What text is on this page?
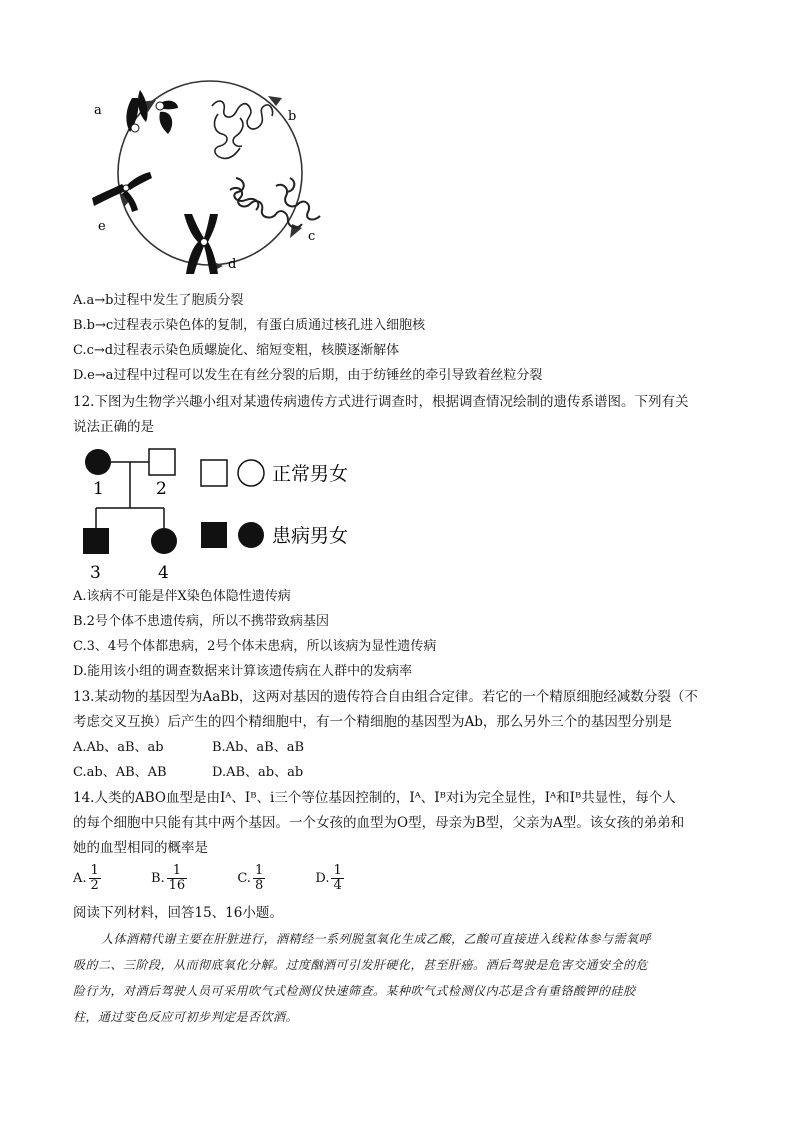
a	b
c
d
e
A.a→b过程中发生了胞质分裂
B.b→c过程表示染色体的复制，有蛋白质通过核孔进入细胞核
C.c→d过程表示染色质螺旋化、缩短变粗，核膜逐渐解体
D.e→a过程中过程可以发生在有丝分裂的后期，由于纺锤丝的牵引导致着丝粒分裂
12.下图为生物学兴趣小组对某遗传病遗传方式进行调查时，根据调查情况绘制的遗传系谱图。下列有关
说法正确的是
1	2
3	4
正常男女
患病男女
A.该病不可能是伴X染色体隐性遗传病
B.2号个体不患遗传病，所以不携带致病基因
C.3、4号个体都患病，2号个体未患病，所以该病为显性遗传病
D.能用该小组的调查数据来计算该遗传病在人群中的发病率
13.某动物的基因型为AaBb，这两对基因的遗传符合自由组合定律。若它的一个精原细胞经减数分裂（不
考虑交叉互换）后产生的四个精细胞中，有一个精细胞的基因型为Ab，那么另外三个的基因型分别是
A.Ab、aB、ab	B.Ab、aB、aB
C.ab、AB、AB	D.AB、ab、ab
14.人类的ABO血型是由Iᴬ、Iᴮ、i三个等位基因控制的，Iᴬ、Iᴮ对i为完全显性，Iᴬ和Iᴮ共显性，每个人
的每个细胞中只能有其中两个基因。一个女孩的血型为O型，母亲为B型，父亲为A型。该女孩的弟弟和
她的血型相同的概率是
A. $\frac{1}{2}$	B. $\frac{1}{16}$	C. $\frac{1}{8}$	D. $\frac{1}{4}$
阅读下列材料，回答15、16小题。
人体酒精代谢主要在肝脏进行，酒精经一系列脱氢氧化生成乙酸，乙酸可直接进入线粒体参与需氧呼
吸的二、三阶段，从而彻底氧化分解。过度酗酒可引发肝硬化，甚至肝癌。酒后驾驶是危害交通安全的危
险行为，对酒后驾驶人员可采用吹气式检测仪快速筛查。某种吹气式检测仪内芯是含有重铬酸钾的硅胶
柱，通过变色反应可初步判定是否饮酒。
